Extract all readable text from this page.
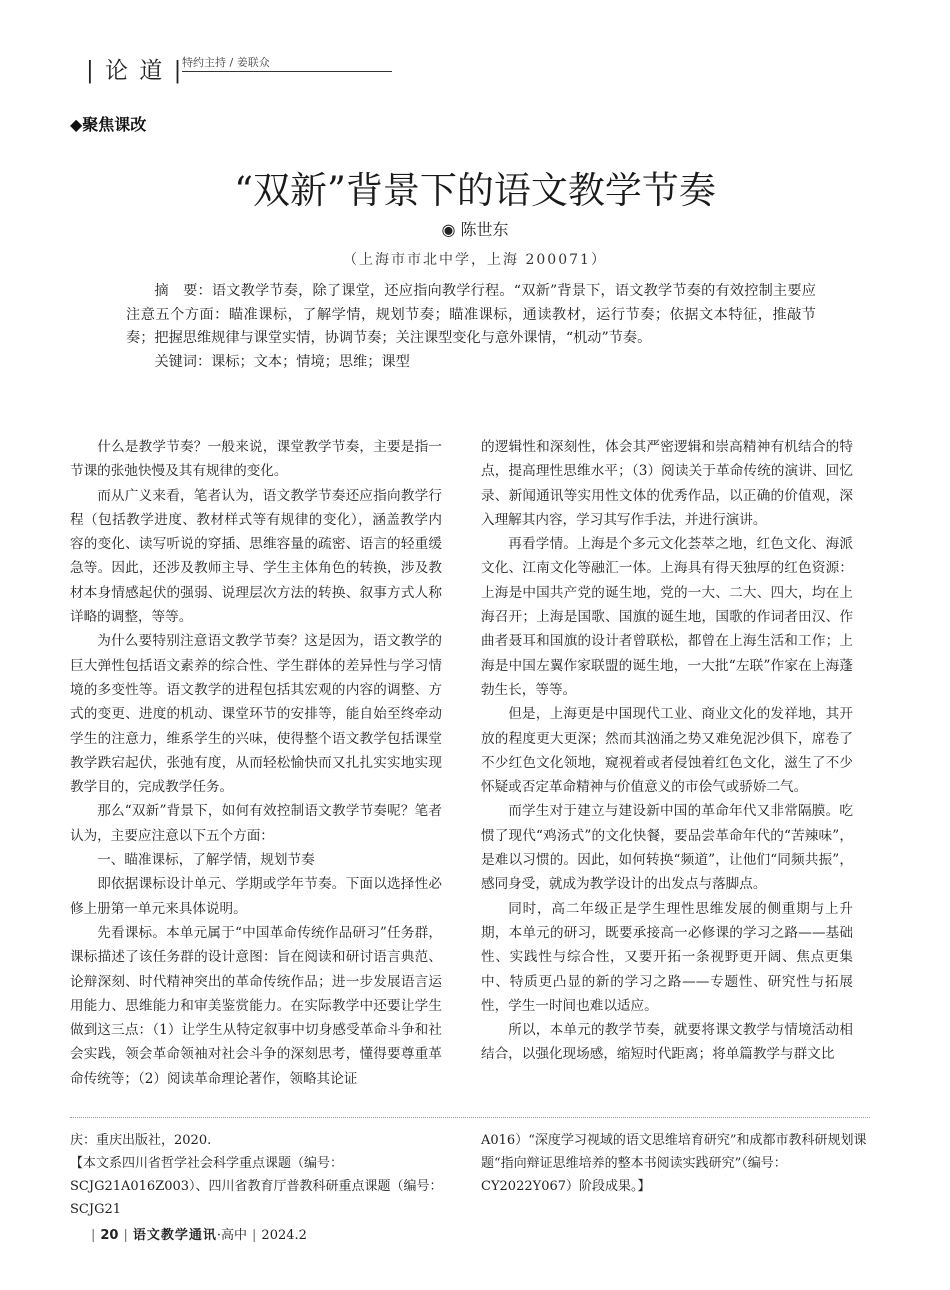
| 论 道 |
特约主持 / 姜联众
◆聚焦课改
“双新”背景下的语文教学节奏
◉ 陈世东
（上海市市北中学，上海 200071）

摘　要：语文教学节奏，除了课堂，还应指向教学行程。“双新”背景下，语文教学节奏的有效控制主要应注意五个方面：瞄准课标，了解学情，规划节奏；瞄准课标，通读教材，运行节奏；依据文本特征，推敲节奏；把握思维规律与课堂实情，协调节奏；关注课型变化与意外课情，“机动”节奏。

关键词：课标；文本；情境；思维；课型

什么是教学节奏？一般来说，课堂教学节奏，主要是指一节课的张弛快慢及其有规律的变化。

而从广义来看，笔者认为，语文教学节奏还应指向教学行程（包括教学进度、教材样式等有规律的变化），涵盖教学内容的变化、读写听说的穿插、思维容量的疏密、语言的轻重缓急等。因此，还涉及教师主导、学生主体角色的转换，涉及教材本身情感起伏的强弱、说理层次方法的转换、叙事方式人称详略的调整，等等。

为什么要特别注意语文教学节奏？这是因为，语文教学的巨大弹性包括语文素养的综合性、学生群体的差异性与学习情境的多变性等。语文教学的进程包括其宏观的内容的调整、方式的变更、进度的机动、课堂环节的安排等，能自始至终牵动学生的注意力，维系学生的兴味，使得整个语文教学包括课堂教学跌宕起伏，张弛有度，从而轻松愉快而又扎扎实实地实现教学目的，完成教学任务。

那么“双新”背景下，如何有效控制语文教学节奏呢？笔者认为，主要应注意以下五个方面：

一、瞄准课标，了解学情，规划节奏

即依据课标设计单元、学期或学年节奏。下面以选择性必修上册第一单元来具体说明。

先看课标。本单元属于“中国革命传统作品研习”任务群，课标描述了该任务群的设计意图：旨在阅读和研讨语言典范、论辩深刻、时代精神突出的革命传统作品；进一步发展语言运用能力、思维能力和审美鉴赏能力。在实际教学中还要让学生做到这三点：（1）让学生从特定叙事中切身感受革命斗争和社会实践，领会革命领袖对社会斗争的深刻思考，懂得要尊重革命传统等；（2）阅读革命理论著作，领略其论证

的逻辑性和深刻性，体会其严密逻辑和崇高精神有机结合的特点，提高理性思维水平；（3）阅读关于革命传统的演讲、回忆录、新闻通讯等实用性文体的优秀作品，以正确的价值观，深入理解其内容，学习其写作手法，并进行演讲。

再看学情。上海是个多元文化荟萃之地，红色文化、海派文化、江南文化等融汇一体。上海具有得天独厚的红色资源：上海是中国共产党的诞生地，党的一大、二大、四大，均在上海召开；上海是国歌、国旗的诞生地，国歌的作词者田汉、作曲者聂耳和国旗的设计者曾联松，都曾在上海生活和工作；上海是中国左翼作家联盟的诞生地，一大批“左联”作家在上海蓬勃生长，等等。

但是，上海更是中国现代工业、商业文化的发祥地，其开放的程度更大更深；然而其汹涌之势又难免泥沙俱下，席卷了不少红色文化领地，窥视着或者侵蚀着红色文化，滋生了不少怀疑或否定革命精神与价值意义的市侩气或骄娇二气。

而学生对于建立与建设新中国的革命年代又非常隔膜。吃惯了现代“鸡汤式”的文化快餐，要品尝革命年代的“苦辣味”，是难以习惯的。因此，如何转换“频道”，让他们“同频共振”，感同身受，就成为教学设计的出发点与落脚点。

同时，高二年级正是学生理性思维发展的侧重期与上升期，本单元的研习，既要承接高一必修课的学习之路——基础性、实践性与综合性，又要开拓一条视野更开阔、焦点更集中、特质更凸显的新的学习之路——专题性、研究性与拓展性，学生一时间也难以适应。

所以，本单元的教学节奏，就要将课文教学与情境活动相结合，以强化现场感，缩短时代距离；将单篇教学与群文比

庆：重庆出版社，2020.

【本文系四川省哲学社会科学重点课题（编号：SCJG21A016Z003）、四川省教育厅普教科研重点课题（编号：SCJG21

A016）“深度学习视域的语文思维培育研究”和成都市教科研规划课题“指向辩证思维培养的整本书阅读实践研究”（编号：CY2022Y067）阶段成果。】

| 20 | 语文教学通讯·高中 | 2024.2
